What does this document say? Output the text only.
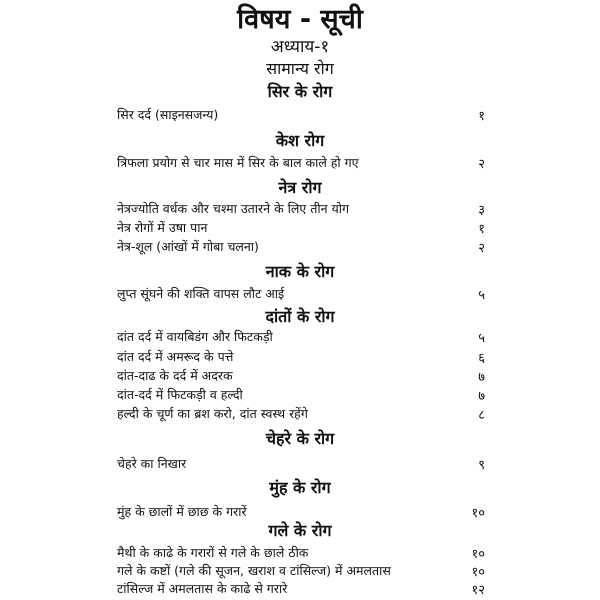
विषय - सूची
अध्याय-१
सामान्य रोग
सिर के रोग
सिर दर्द (साइनसजन्य)	१
केश रोग
त्रिफला प्रयोग से चार मास में सिर के बाल काले हो गए	२
नेत्र रोग
नेत्रज्योति वर्धक और चश्मा उतारने के लिए तीन योग	३
नेत्र रोगों में उषा पान	१
नेत्र-शूल (आंखों में गोबा चलना)	२
नाक के रोग
लुप्त सूंघने की शक्ति वापस लौट आई	५
दांतों के रोग
दांत दर्द में वायबिडंग और फिटकड़ी	५
दांत दर्द में अमरूद के पत्ते	६
दांत-दाढ के दर्द में अदरक	७
दांत-दर्द में फिटकड़ी व हल्दी	७
हल्दी के चूर्ण का ब्रश करो, दांत स्वस्थ रहेंगे	८
चेहरे के रोग
चेहरे का निखार	९
मुंह के रोग
मुंह के छालों में छाछ के गरारें	१०
गले के रोग
मैथी के काढे के गरारों से गले के छाले ठीक	१०
गले के कष्टों (गले की सूजन, खराश व टांसिल्ज) में अमलतास	१०
टांसिल्ज में अमलतास के काढे से गरारे	१२
